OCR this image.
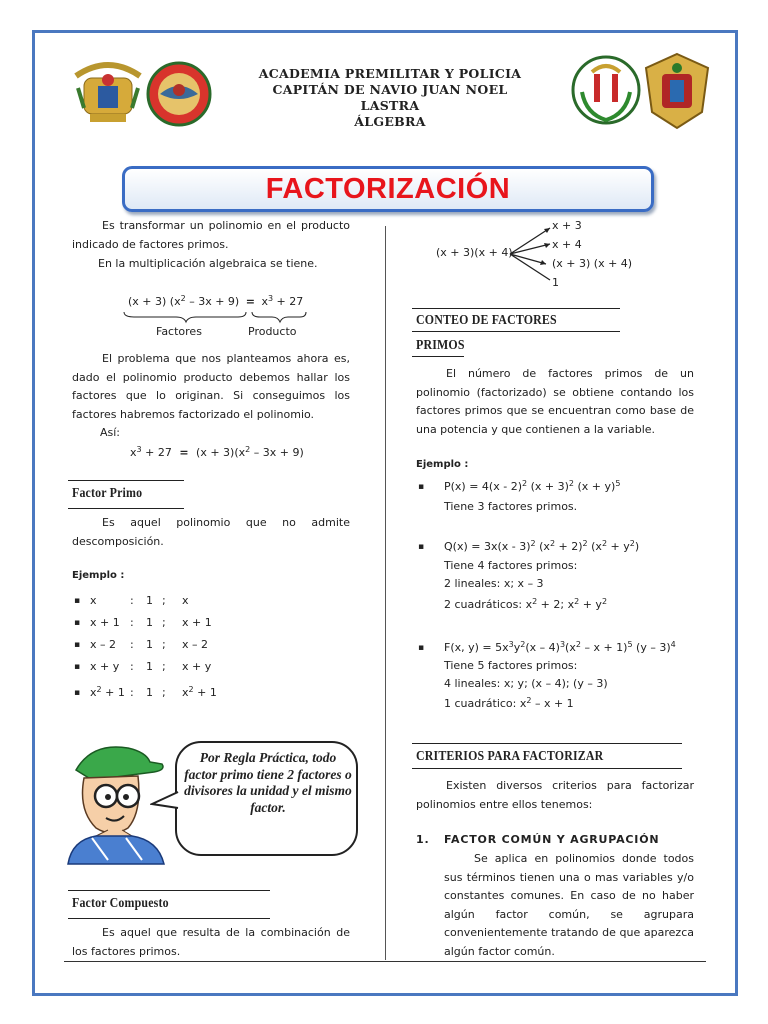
ACADEMIA PREMILITAR Y POLICIA
CAPITÁN DE NAVIO JUAN NOEL LASTRA
ÁLGEBRA
FACTORIZACIÓN
Es transformar un polinomio en el producto indicado de factores primos.
En la multiplicación algebraica se tiene.
(x + 3) $(x^2 - 3x + 9) = x^3 + 27$
Factores	Producto
El problema que nos planteamos ahora es, dado el polinomio producto debemos hallar los factores que lo originan. Si conseguimos los factores habremos factorizado el polinomio.
Así:
$x^3 + 27 = (x + 3)(x^2 - 3x + 9)$
Factor Primo
Es aquel polinomio que no admite descomposición.
Ejemplo :
▪ x	: 1 ; x
▪ x + 1 : 1 ; x + 1
▪ x – 2 : 1 ; x – 2
▪ x + y : 1 ; x + y
▪ $x^2 + 1$ : 1 ; $x^2 + 1$
Por Regla Práctica, todo factor primo tiene 2 factores o divisores la unidad y el mismo factor.
Factor Compuesto
Es aquel que resulta de la combinación de los factores primos.
(x + 3)(x + 4)
x + 3
x + 4
(x + 3) (x + 4)
1
CONTEO DE FACTORES
PRIMOS
El número de factores primos de un polinomio (factorizado) se obtiene contando los factores primos que se encuentran como base de una potencia y que contienen a la variable.
Ejemplo :
▪ P(x) = 4(x - 2)$^2$ $(x + 3)^2$ $(x + y)^5$
Tiene 3 factores primos.
▪ Q(x) = 3x(x - 3)$^2$ $(x^2 + 2)^2$ $(x^2 + y^2)$
Tiene 4 factores primos:
2 lineales: x; x – 3
2 cuadráticos: $x^2 + 2$; $x^2 + y^2$
▪ F(x, $y) = 5x^3y^2(x - 4)^3(x^2 - x + 1)^5$ (y – 3)$^4$
Tiene 5 factores primos:
4 lineales: x; y; (x – 4); (y – 3)
1 cuadrático: $x^2 - x + 1$
CRITERIOS PARA FACTORIZAR
Existen diversos criterios para factorizar polinomios entre ellos tenemos:
1. FACTOR COMÚN Y AGRUPACIÓN
Se aplica en polinomios donde todos sus términos tienen una o mas variables y/o constantes comunes. En caso de no haber algún factor común, se agrupara convenientemente tratando de que aparezca algún factor común.
